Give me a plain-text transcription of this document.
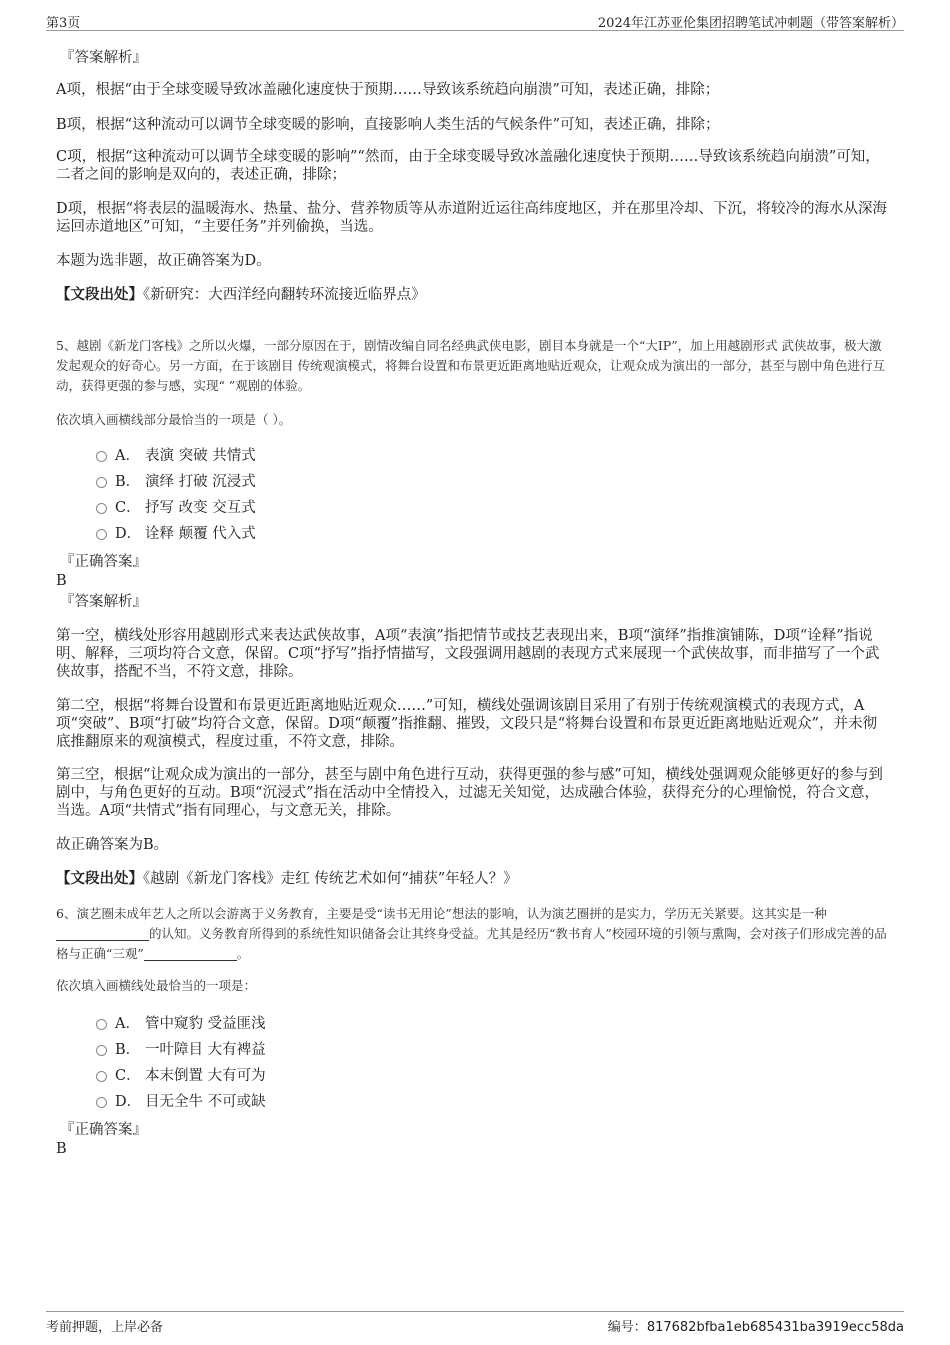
第3页	2024年江苏亚伦集团招聘笔试冲刺题（带答案解析）
『答案解析』

A项，根据“由于全球变暖导致冰盖融化速度快于预期……导致该系统趋向崩溃”可知，表述正确，排除；

B项，根据“这种流动可以调节全球变暖的影响，直接影响人类生活的气候条件”可知，表述正确，排除；

C项，根据“这种流动可以调节全球变暖的影响”“然而，由于全球变暖导致冰盖融化速度快于预期……导致该系统趋向崩溃”可知，二者之间的影响是双向的，表述正确，排除；

D项，根据“将表层的温暖海水、热量、盐分、营养物质等从赤道附近运往高纬度地区，并在那里冷却、下沉，将较冷的海水从深海运回赤道地区”可知，“主要任务”并列偷换，当选。

本题为选非题，故正确答案为D。

【文段出处】《新研究：大西洋经向翻转环流接近临界点》

5、越剧《新龙门客栈》之所以火爆，一部分原因在于，剧情改编自同名经典武侠电影，剧目本身就是一个“大IP”，加上用越剧形式 武侠故事，极大激发起观众的好奇心。另一方面，在于该剧目 传统观演模式，将舞台设置和布景更近距离地贴近观众，让观众成为演出的一部分，甚至与剧中角色进行互动，获得更强的参与感，实现“ ”观剧的体验。

依次填入画横线部分最恰当的一项是（ ）。

A． 表演 突破 共情式
B． 演绎 打破 沉浸式
C． 抒写 改变 交互式
D． 诠释 颠覆 代入式
『正确答案』
B
『答案解析』

第一空，横线处形容用越剧形式来表达武侠故事，A项“表演”指把情节或技艺表现出来，B项“演绎”指推演铺陈，D项“诠释”指说明、解释，三项均符合文意，保留。C项“抒写”指抒情描写，文段强调用越剧的表现方式来展现一个武侠故事，而非描写了一个武侠故事，搭配不当，不符文意，排除。

第二空，根据“将舞台设置和布景更近距离地贴近观众……”可知，横线处强调该剧目采用了有别于传统观演模式的表现方式，A项“突破”、B项“打破”均符合文意，保留。D项“颠覆”指推翻、摧毁，文段只是“将舞台设置和布景更近距离地贴近观众”，并未彻底推翻原来的观演模式，程度过重，不符文意，排除。

第三空，根据“让观众成为演出的一部分，甚至与剧中角色进行互动，获得更强的参与感”可知，横线处强调观众能够更好的参与到剧中，与角色更好的互动。B项“沉浸式”指在活动中全情投入，过滤无关知觉，达成融合体验，获得充分的心理愉悦，符合文意，当选。A项“共情式”指有同理心，与文意无关，排除。

故正确答案为B。

【文段出处】《越剧《新龙门客栈》走红 传统艺术如何“捕获”年轻人？》

6、演艺圈未成年艺人之所以会游离于义务教育，主要是受“读书无用论”想法的影响，认为演艺圈拼的是实力，学历无关紧要。这其实是一种的认知。义务教育所得到的系统性知识储备会让其终身受益。尤其是经历“教书育人”校园环境的引领与熏陶，会对孩子们形成完善的品格与正确“三观”	。

依次填入画横线处最恰当的一项是：

A． 管中窥豹 受益匪浅
B． 一叶障目 大有裨益
C． 本末倒置 大有可为
D． 目无全牛 不可或缺
『正确答案』
B
考前押题，上岸必备	编号：817682bfba1eb685431ba3919ecc58da
